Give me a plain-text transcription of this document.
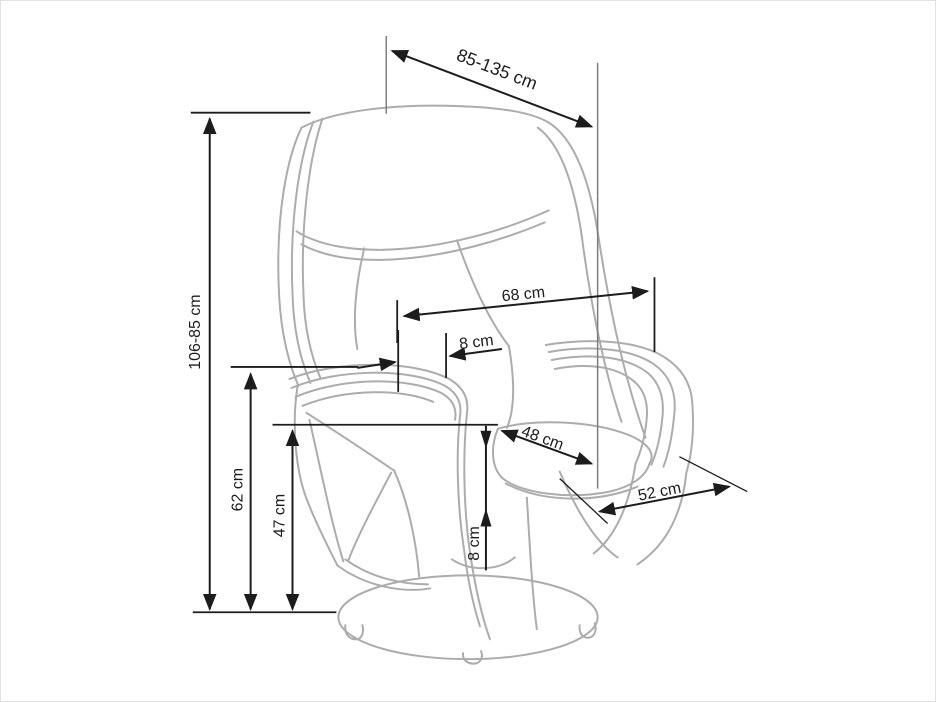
85-135 cm
106-85 cm	68 cm
8 cm
48 cm
52 cm
62 cm
47 cm
8 cm
